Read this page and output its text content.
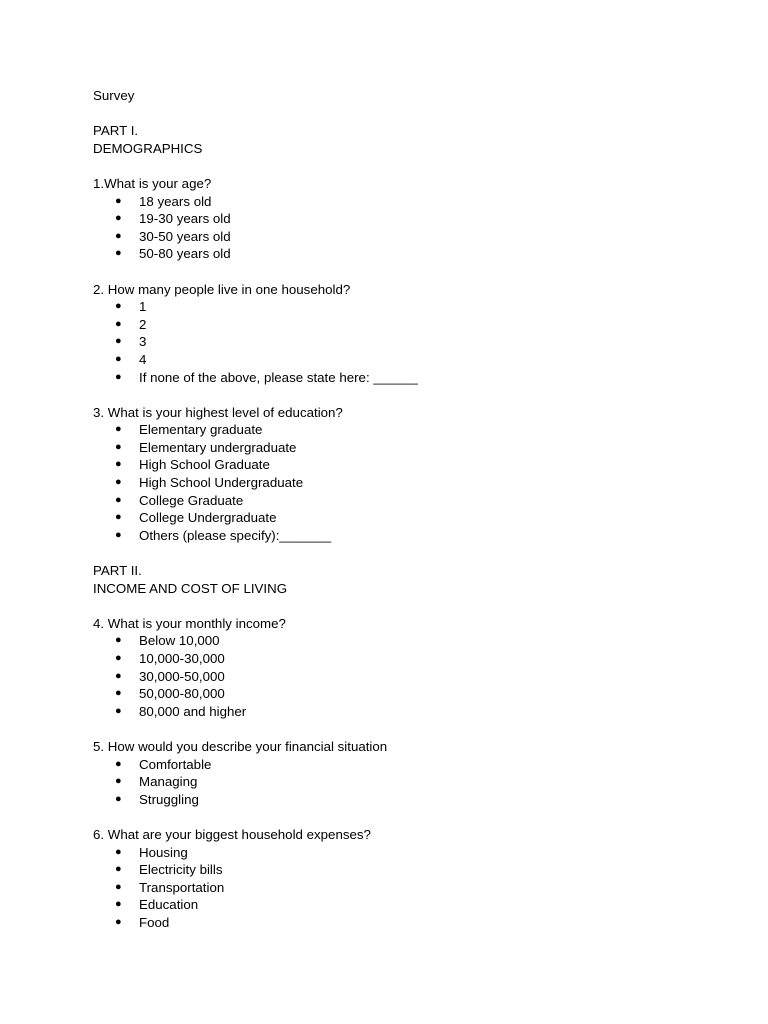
Survey
PART I.
DEMOGRAPHICS
1.What is your age?
● 18 years old
● 19-30 years old
● 30-50 years old
● 50-80 years old
2. How many people live in one household?
● 1
● 2
● 3
● 4
● If none of the above, please state here: ______
3. What is your highest level of education?
● Elementary graduate
● Elementary undergraduate
● High School Graduate
● High School Undergraduate
● College Graduate
● College Undergraduate
● Others (please specify):_______
PART II.
INCOME AND COST OF LIVING
4. What is your monthly income?
● Below 10,000
● 10,000-30,000
● 30,000-50,000
● 50,000-80,000
● 80,000 and higher
5. How would you describe your financial situation
● Comfortable
● Managing
● Struggling
6. What are your biggest household expenses?
● Housing
● Electricity bills
● Transportation
● Education
● Food
